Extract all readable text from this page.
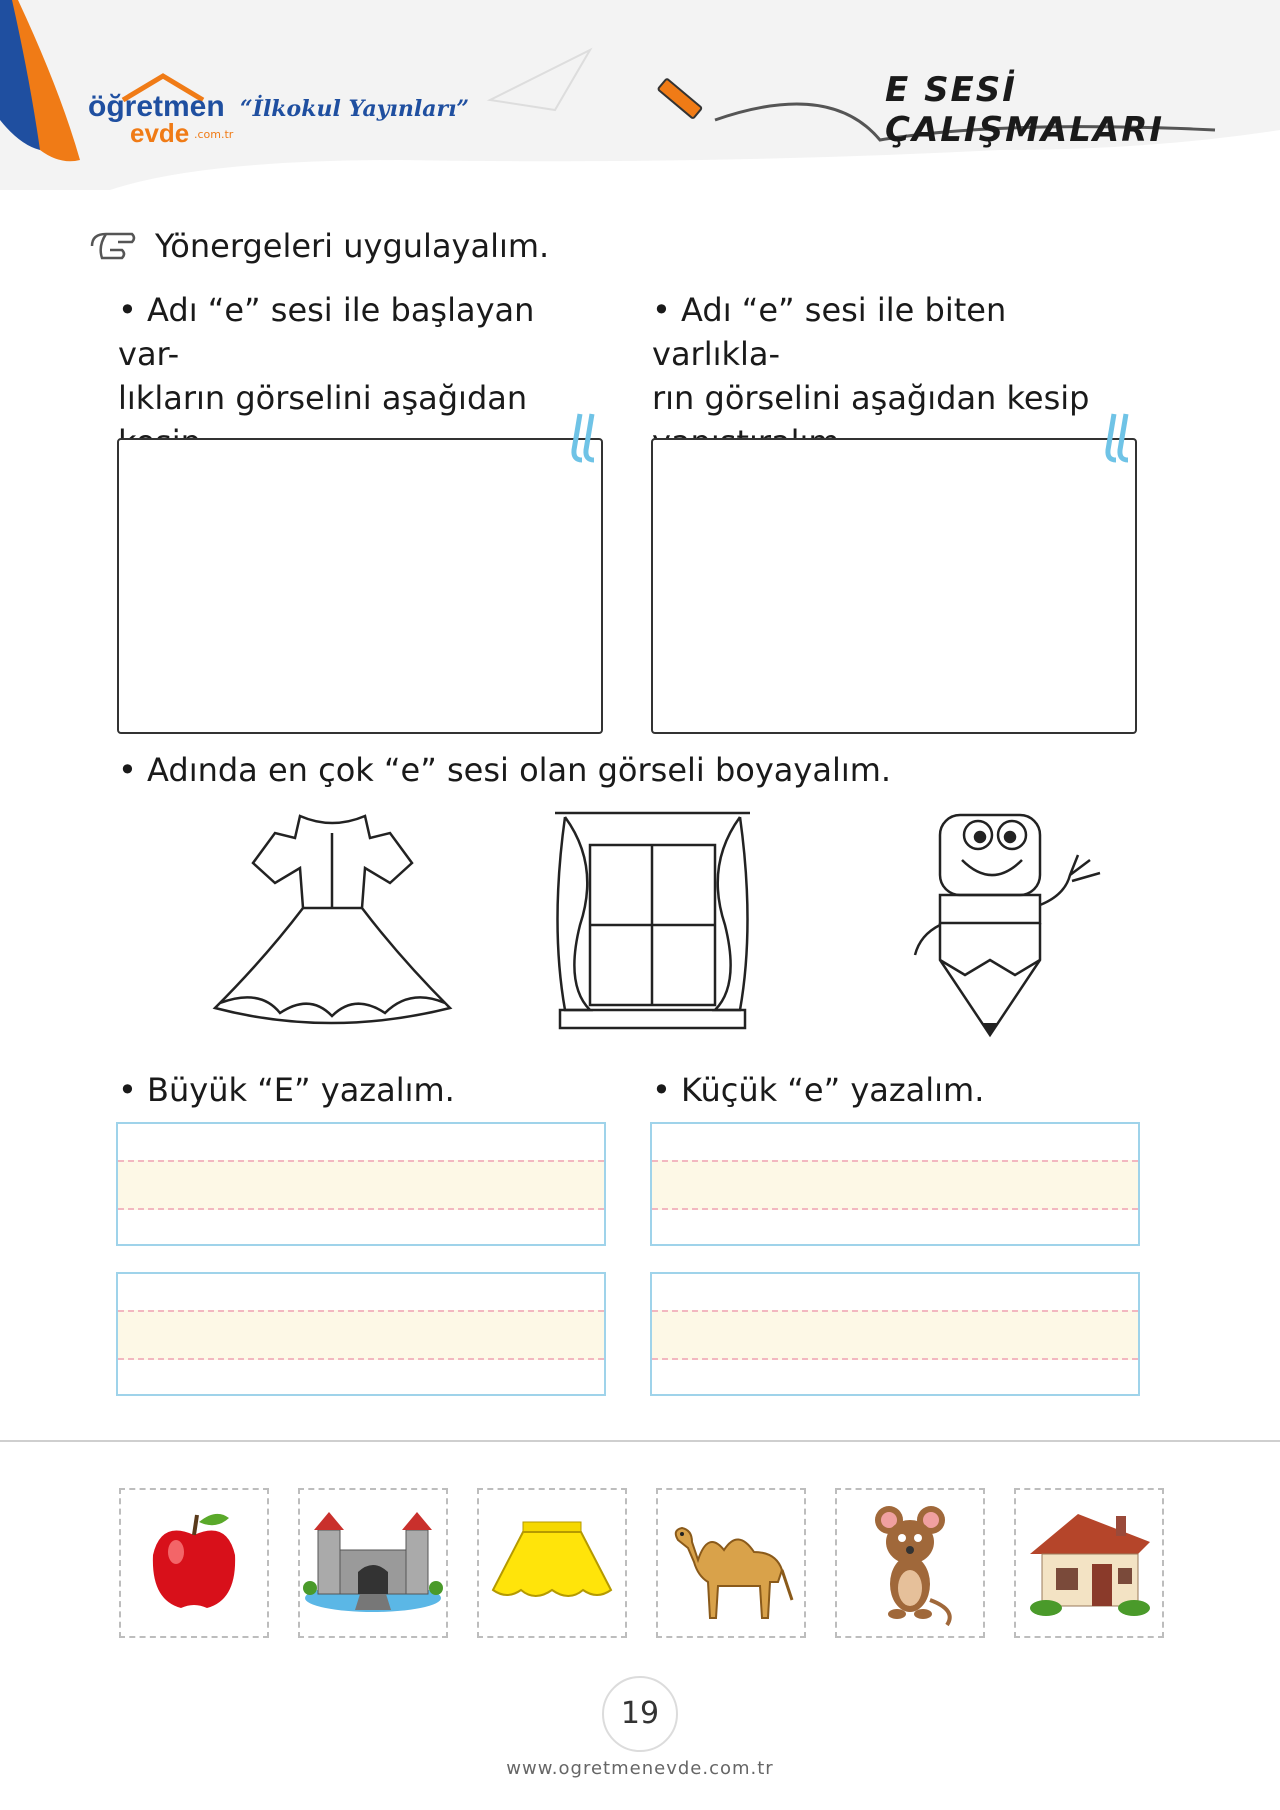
öğretmen
evde .com.tr
“İlkokul Yayınları”	E SESİ ÇALIŞMALARI
Yönergeleri uygulayalım.
• Adı “e” sesi ile başlayan var-
lıkların görselini aşağıdan
• Adı “e” sesi ile biten varlıkla-
rın görselini aşağıdan kesip
• Adında en çok “e” sesi olan görseli boyayalım.
• Büyük “E” yazalım.	• Küçük “e” yazalım.
19
www.ogretmenevde.com.tr
